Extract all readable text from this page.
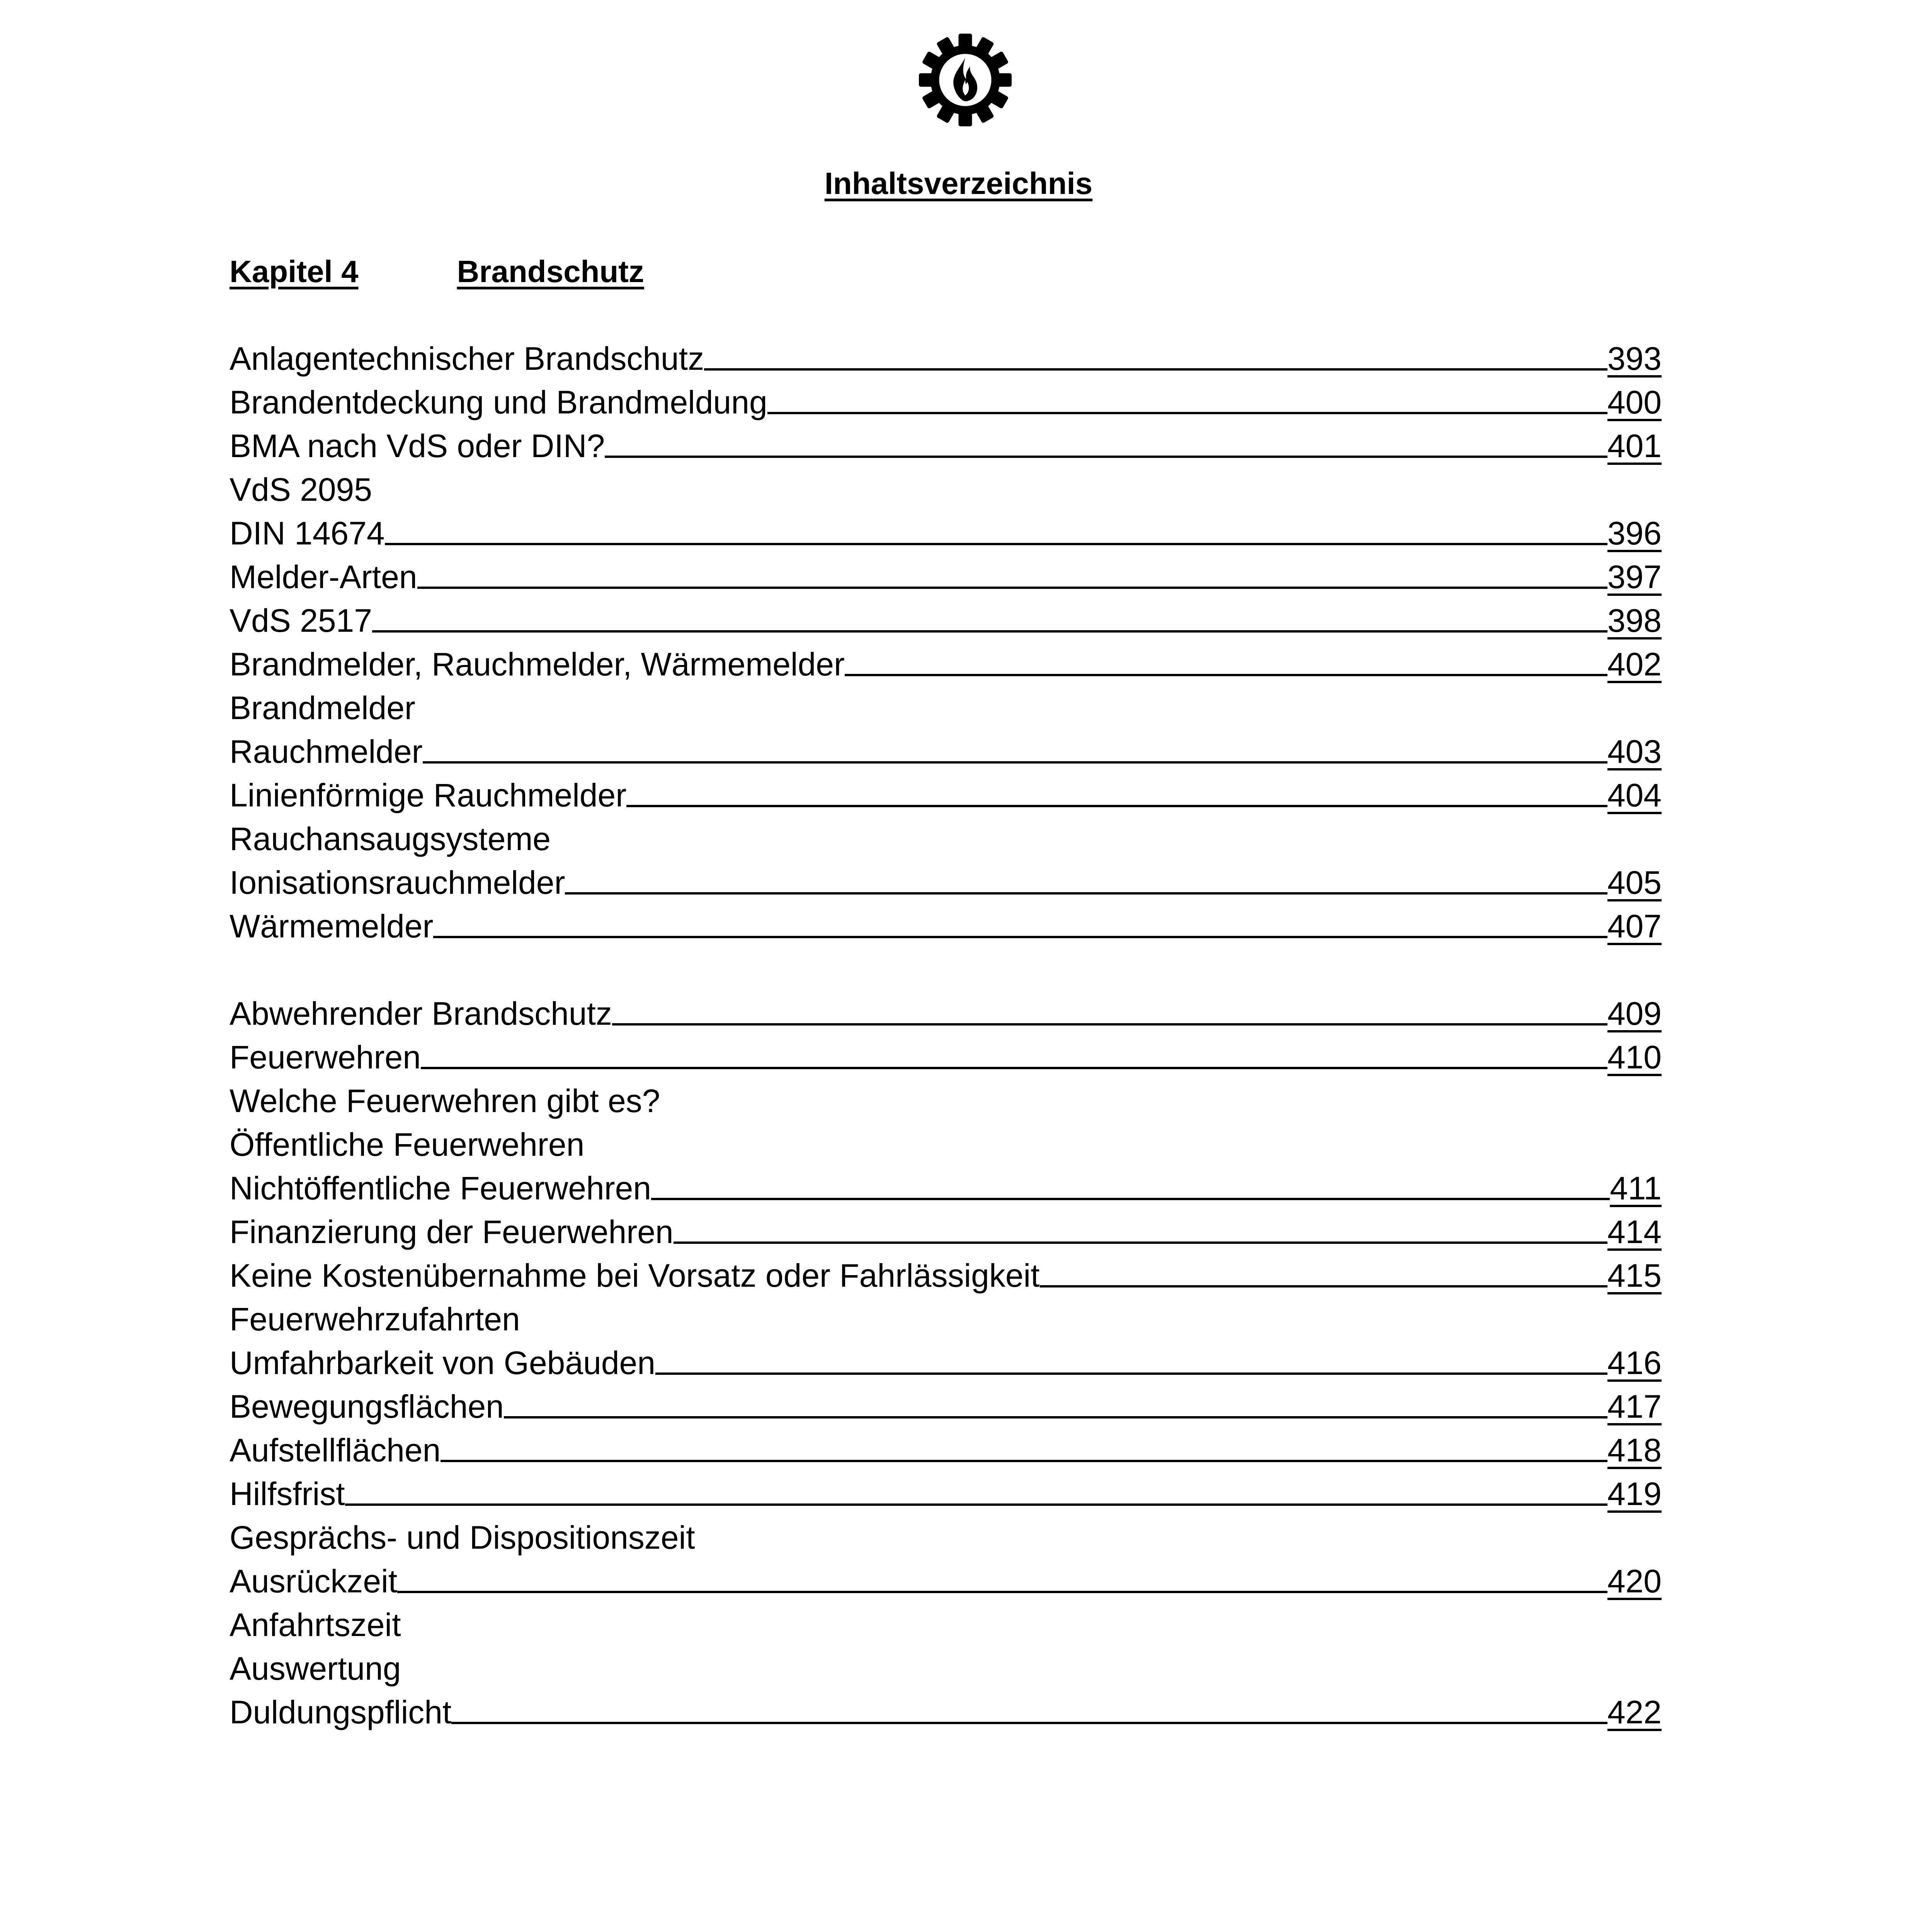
Inhaltsverzeichnis
Kapitel 4	Brandschutz
Anlagentechnischer Brandschutz	393
Brandentdeckung und Brandmeldung	400
BMA nach VdS oder DIN?	401
VdS 2095
DIN 14674	396
Melder-Arten	397
VdS 2517	398
Brandmelder, Rauchmelder, Wärmemelder	402
Brandmelder
Rauchmelder	403
Linienförmige Rauchmelder	404
Rauchansaugsysteme
Ionisationsrauchmelder	405
Wärmemelder	407
Abwehrender Brandschutz	409
Feuerwehren	410
Welche Feuerwehren gibt es?
Öffentliche Feuerwehren
Nichtöffentliche Feuerwehren	411
Finanzierung der Feuerwehren	414
Keine Kostenübernahme bei Vorsatz oder Fahrlässigkeit	415
Feuerwehrzufahrten
Umfahrbarkeit von Gebäuden	416
Bewegungsflächen	417
Aufstellflächen	418
Hilfsfrist	419
Gesprächs- und Dispositionszeit
Ausrückzeit	420
Anfahrtszeit
Auswertung
Duldungspflicht	422
